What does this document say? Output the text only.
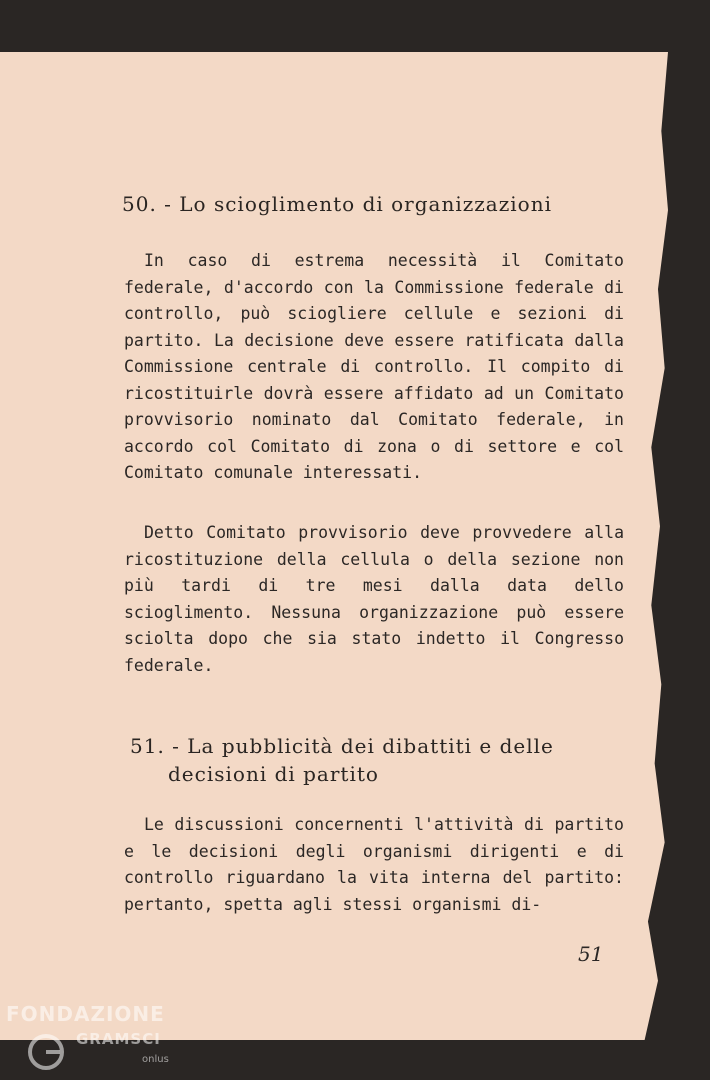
50. - Lo scioglimento di organizzazioni

In caso di estrema necessità il Comitato federale, d'accordo con la Commissione federale di controllo, può sciogliere cellule e sezioni di partito. La decisione deve essere ratificata dalla Commissione centrale di controllo. Il compito di ricostituirle dovrà essere affidato ad un Comitato provvisorio nominato dal Comitato federale, in accordo col Comitato di zona o di settore e col Comitato comunale interessati.

Detto Comitato provvisorio deve provvedere alla ricostituzione della cellula o della sezione non più tardi di tre mesi dalla data dello scioglimento. Nessuna organizzazione può essere sciolta dopo che sia stato indetto il Congresso federale.

51. - La pubblicità dei dibattiti e delle
decisioni di partito

Le discussioni concernenti l'attività di partito e le decisioni degli organismi dirigenti e di controllo riguardano la vita interna del partito: pertanto, spetta agli stessi organismi di-

51
FONDAZIONE
GRAMSCI
onlus
